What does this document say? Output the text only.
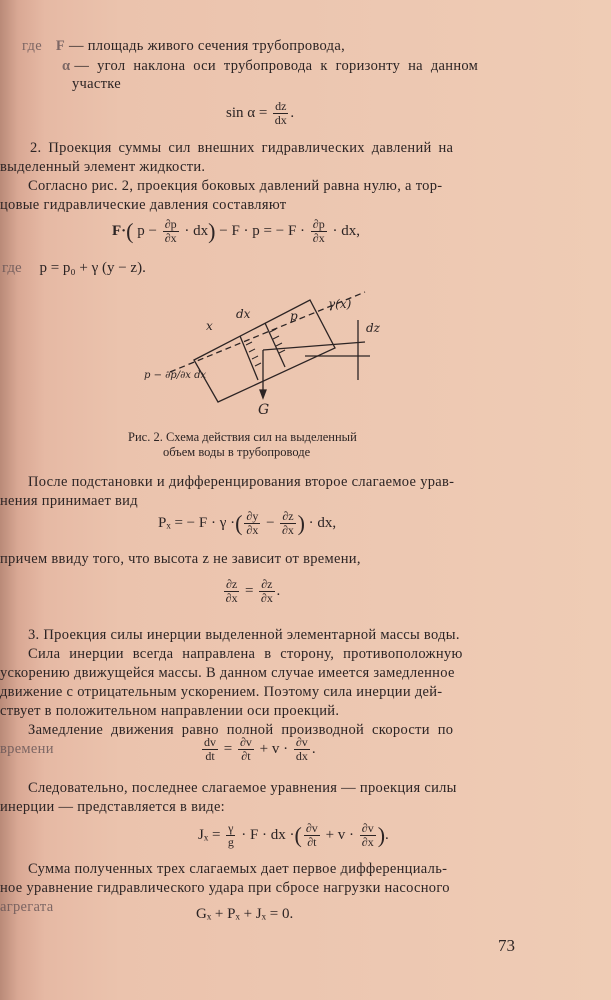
где F — площадь живого сечения трубопровода,
α — угол наклона оси трубопровода к горизонту на данном
участке
$\sin \alpha = \frac{dz}{dx}$ .
2. Проекция суммы сил внешних гидравлических давлений на
выделенный элемент жидкости.
Согласно рис. 2, проекция боковых давлений равна нулю, а тор-
цовые гидравлические давления составляют
F·( $p - \frac{\partial p}{\partial x} \cdot dx) - F \cdot p$ = − $F \cdot \frac{\partial p}{\partial x}$ · dx,
где p = p₀ + γ (y − z).
x
dx	p
γ(x)
dz
p − ∂p/∂x dx
G
Рис. 2. Схема действия сил на выделенный
объем воды в трубопроводе
После подстановки и дифференцирования второе слагаемое урав-
нения принимает вид
Pₓ = − F · γ ·( $\frac{\partial y}{\partial x} - \frac{\partial z}{\partial x}$ ) · dx,
причем ввиду того, что высота z не зависит от времени,
$\frac{\partial z}{\partial x} = \frac{\partial z}{\partial x}$ .
3. Проекция силы инерции выделенной элементарной массы воды.
Сила инерции всегда направлена в сторону, противоположную
ускорению движущейся массы. В данном случае имеется замедленное
движение с отрицательным ускорением. Поэтому сила инерции дей-
ствует в положительном направлении оси проекций.
Замедление движения равно полной производной скорости по
времени	$\frac{dv}{dt} = \frac{\partial v}{\partial t} + v \cdot \frac{\partial v}{dx}$ .
Следовательно, последнее слагаемое уравнения — проекция силы
инерции — представляется в виде:
$J_x = \frac{\gamma}{g} \cdot F$ · dx ·( $\frac{\partial v}{\partial t} + v \cdot \frac{\partial v}{\partial x}$ ).
Сумма полученных трех слагаемых дает первое дифференциаль-
ное уравнение гидравлического удара при сбросе нагрузки насосного
агрегата	Gₓ + Pₓ + Jₓ = 0.
73
